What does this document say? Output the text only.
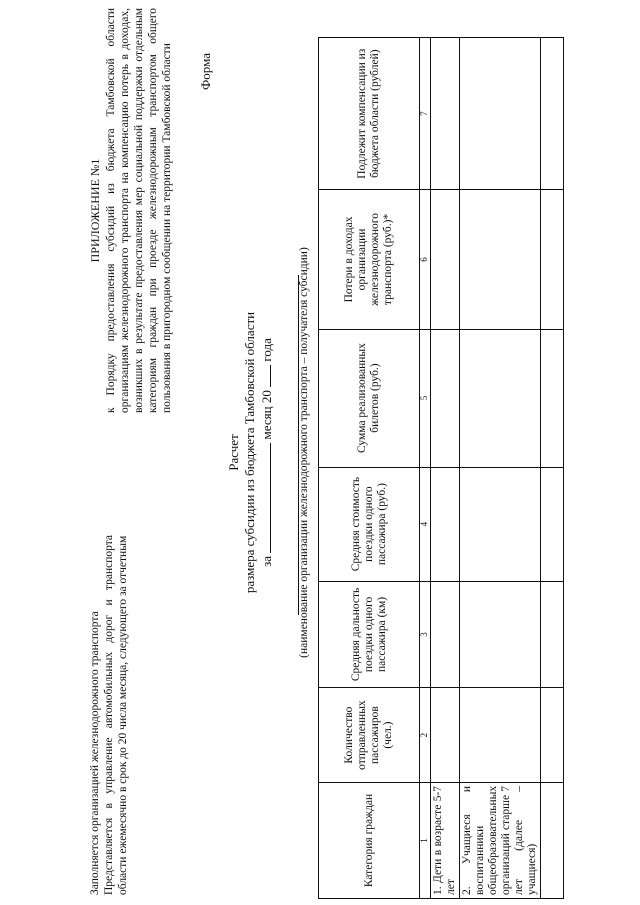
Заполняется организацией железнодорожного транспорта Представляется в управление автомобильных дорог и транспорта области ежемесячно в срок до 20 числа месяца, следующего за отчетным
ПРИЛОЖЕНИЕ №1 к Порядку предоставления субсидий из бюджета Тамбовской области организациям железнодорожного транспорта на компенсацию потерь в доходах, возникших в результате предоставления мер социальной поддержки отдельным категориям граждан при проезде железнодорожным транспортом общего пользования в пригородном сообщении на территории Тамбовской области Форма
Расчет размера субсидии из бюджета Тамбовской области за  месяц 20  года (наименование организации железнодорожного транспорта – получателя субсидии)
Категория граждан	Количество отправленных пассажиров (чел.)	Средняя дальность поездки одного пассажира (км)	Средняя стоимость поездки одного пассажира (руб.)	Сумма реализованных билетов (руб.)	Потери в доходах организации железнодорожного транспорта (руб.)*	Подлежит компенсации из бюджета области (рублей)
1	2	3	4	5	6	7
1. Дети в возрасте 5-7 лет						
2. Учащиеся и воспитанники общеобразовательных организаций старше 7 лет (далее – учащиеся)						
